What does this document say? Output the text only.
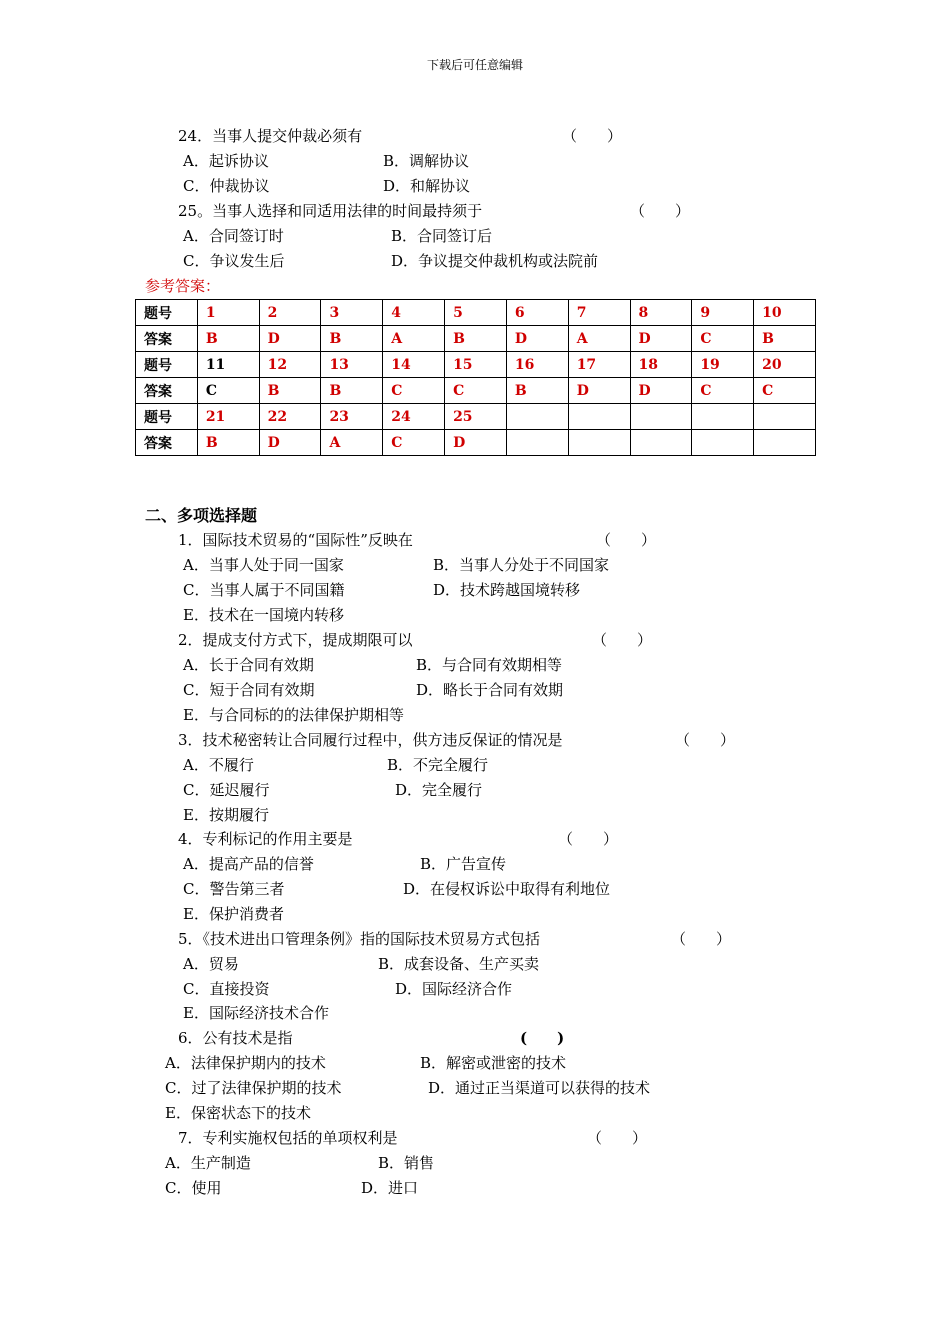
下载后可任意编辑
24．当事人提交仲裁必须有	（　　）
A．起诉协议	B．调解协议
C．仲裁协议	D．和解协议
25。当事人选择和同适用法律的时间最持须于	（　　）
A．合同签订时	B．合同签订后
C．争议发生后	D．争议提交仲裁机构或法院前
参考答案：
题号	1	2	3	4	5	6	7	8	9	10
答案	B	D	B	A	B	D	A	D	C	B
题号	11	12	13	14	15	16	17	18	19	20
答案	C	B	B	C	C	B	D	D	C	C
题号	21	22	23	24	25					
答案	B	D	A	C	D					
二、多项选择题
1．国际技术贸易的“国际性”反映在	（　　）
A．当事人处于同一国家	B．当事人分处于不同国家
C．当事人属于不同国籍	D．技术跨越国境转移
E．技术在一国境内转移
2．提成支付方式下，提成期限可以	（　　）
A．长于合同有效期	B．与合同有效期相等
C．短于合同有效期	D．略长于合同有效期
E．与合同标的的法律保护期相等
3．技术秘密转让合同履行过程中，供方违反保证的情况是	（　　）
A．不履行	B．不完全履行
C．延迟履行	D．完全履行
E．按期履行
4．专利标记的作用主要是	（　　）
A．提高产品的信誉	B．广告宣传
C．警告第三者	D．在侵权诉讼中取得有利地位
E．保护消费者
5．《技术进出口管理条例》指的国际技术贸易方式包括	（　　）
A．贸易	B．成套设备、生产买卖
C．直接投资	D．国际经济合作
E．国际经济技术合作
6．公有技术是指	(　　)
A．法律保护期内的技术	B．解密或泄密的技术
C．过了法律保护期的技术	D．通过正当渠道可以获得的技术
E．保密状态下的技术
7．专利实施权包括的单项权利是	（　　）
A．生产制造	B．销售
C．使用	D．进口
